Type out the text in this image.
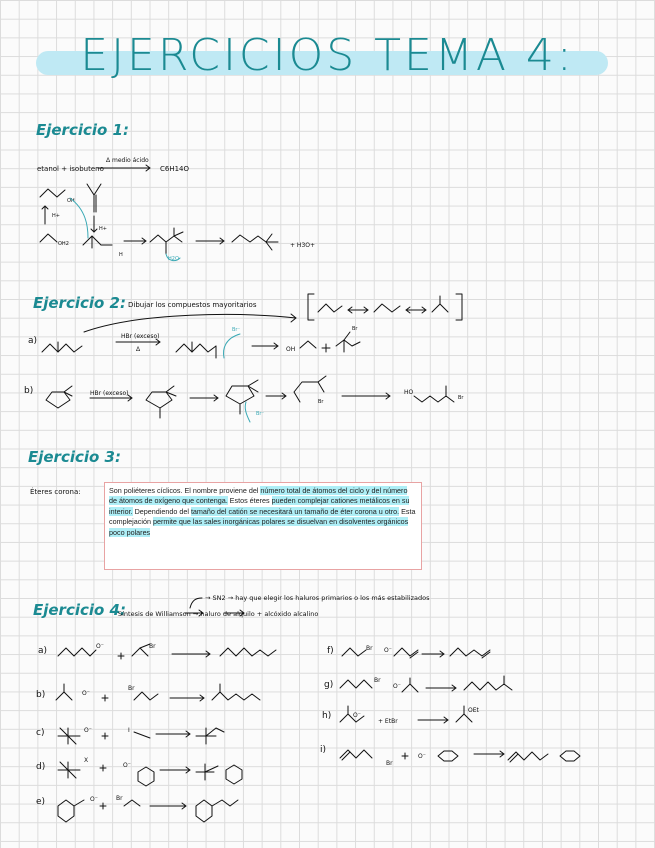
EJERCICIOS TEMA 4:
Ejercicio 1:
Ejercicio 2:
Ejercicio 3:
Ejercicio 4:
etanol + isobuteno
Δ medio ácido
C6H14O
OH
H+
H+
OH2	+ H3O+
H2O
H
Dibujar los compuestos mayoritarios
a)
b)
HBr (exceso)
Δ
HBr (exceso)
Br⁻
Br⁻
Br
Br
Br
OH
HO
Éteres corona:	Son poliéteres cíclicos. El nombre proviene del número total de átomos del ciclo y del número de átomos de oxígeno que contenga. Estos éteres pueden complejar cationes metálicos en su interior. Dependiendo del tamaño del catión se necesitará un tamaño de éter corona u otro. Esta complejación permite que las sales inorgánicas polares se disuelvan en disolventes orgánicos poco polares

Síntesis de Williamson → haluro de alquilo + alcóxido alcalino
→ SN2 → hay que elegir los haluros primarios o los más estabilizados
a)
b)
c)
d)
e)
f)
g)
h)
i)
O⁻	Br
O⁻
Br
O⁻	I
X
O⁻
O⁻	Br
Br O⁻
Br
O⁻
O⁻
+ EtBr
OEt
Br
O⁻
